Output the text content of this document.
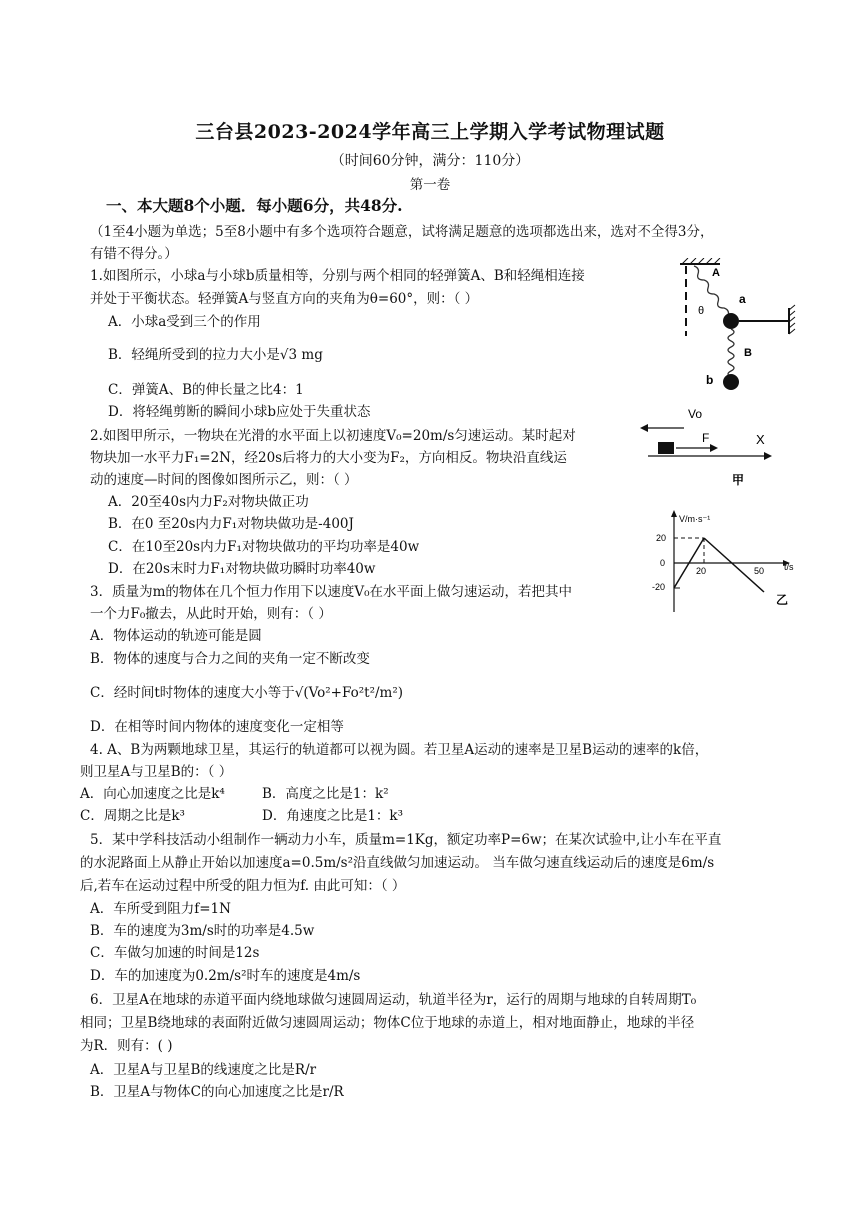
三台县2023-2024学年高三上学期入学考试物理试题
（时间60分钟，满分：110分）
第一卷
一、本大题8个小题．每小题6分，共48分.
（1至4小题为单选；5至8小题中有多个选项符合题意，试将满足题意的选项都选出来，选对不全得3分，
有错不得分。）
1.如图所示，小球a与小球b质量相等，分别与两个相同的轻弹簧A、B和轻绳相连接
并处于平衡状态。轻弹簧A与竖直方向的夹角为θ=60°，则：（ ）
A．小球a受到三个的作用
B．轻绳所受到的拉力大小是√3 mg
C．弹簧A、B的伸长量之比4：1
D．将轻绳剪断的瞬间小球b应处于失重状态
A
θ
a
B
b
2.如图甲所示，一物块在光滑的水平面上以初速度V₀=20m/s匀速运动。某时起对
物块加一水平力F₁=2N，经20s后将力的大小变为F₂，方向相反。物块沿直线运
动的速度—时间的图像如图所示乙，则：（ ）
A．20至40s内力F₂对物块做正功
B．在0 至20s内力F₁对物块做功是-400J
C．在10至20s内力F₁对物块做功的平均功率是40w
D．在20s末时力F₁对物块做功瞬时功率40w
Vo
F	X
甲
V/m·s⁻¹
t/s
20
0
-20
20	50
乙
3．质量为m的物体在几个恒力作用下以速度V₀在水平面上做匀速运动，若把其中
一个力F₀撤去，从此时开始，则有：（ ）
A．物体运动的轨迹可能是圆
B．物体的速度与合力之间的夹角一定不断改变
C．经时间t时物体的速度大小等于√(Vo²+Fo²t²/m²)
D．在相等时间内物体的速度变化一定相等
4. A、B为两颗地球卫星，其运行的轨道都可以视为圆。若卫星A运动的速率是卫星B运动的速率的k倍，
则卫星A与卫星B的：（ ）
A．向心加速度之比是k⁴	B．高度之比是1：k²
C．周期之比是k³	D．角速度之比是1：k³
5．某中学科技活动小组制作一辆动力小车，质量m=1Kg，额定功率P=6w；在某次试验中,让小车在平直
的水泥路面上从静止开始以加速度a=0.5m/s²沿直线做匀加速运动。 当车做匀速直线运动后的速度是6m/s
后,若车在运动过程中所受的阻力恒为f. 由此可知：（ ）
A．车所受到阻力f=1N
B．车的速度为3m/s时的功率是4.5w
C．车做匀加速的时间是12s
D．车的加速度为0.2m/s²时车的速度是4m/s
6．卫星A在地球的赤道平面内绕地球做匀速圆周运动，轨道半径为r，运行的周期与地球的自转周期T₀
相同；卫星B绕地球的表面附近做匀速圆周运动；物体C位于地球的赤道上，相对地面静止，地球的半径
为R．则有：( )
A．卫星A与卫星B的线速度之比是R/r
B．卫星A与物体C的向心加速度之比是r/R
